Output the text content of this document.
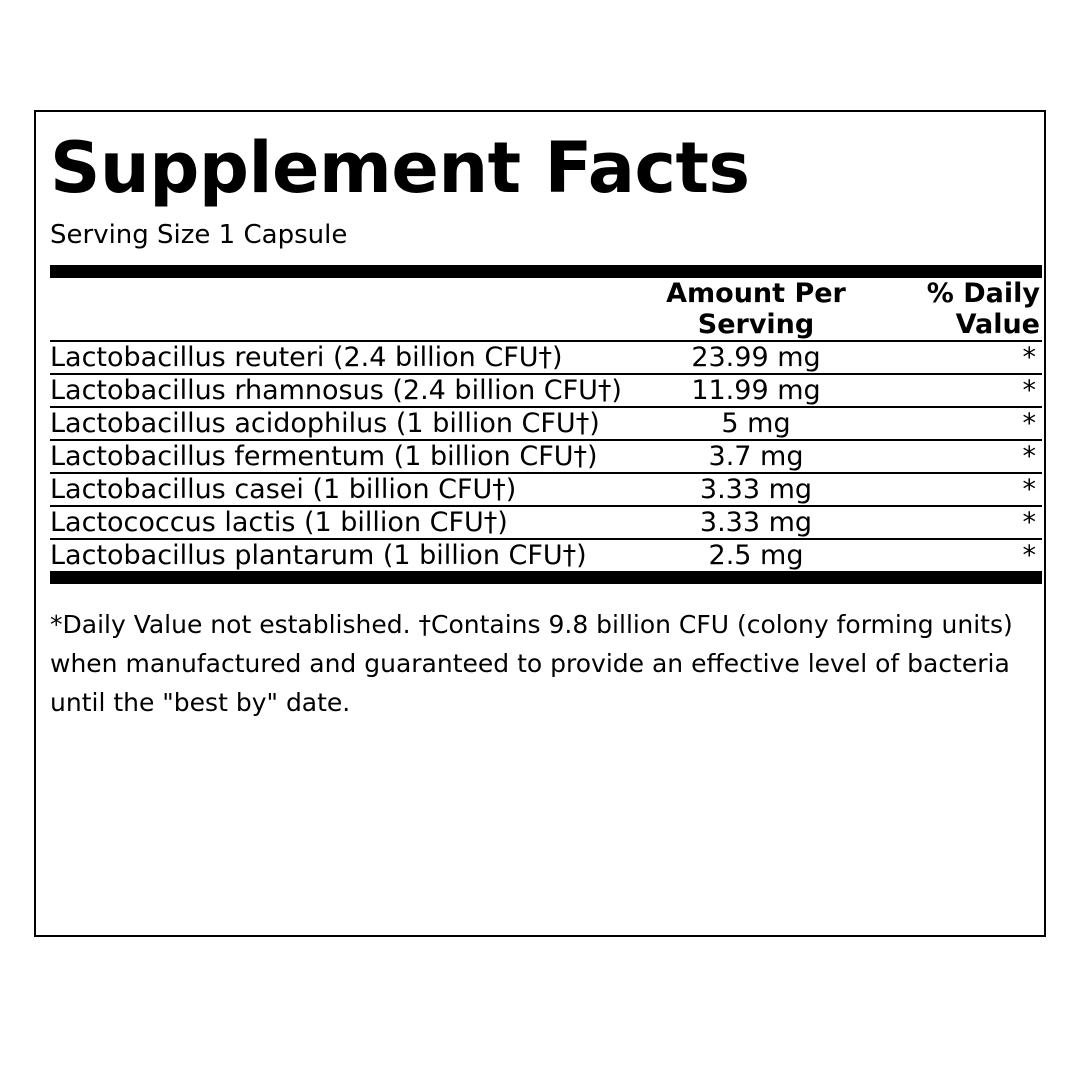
Supplement Facts
Serving Size 1 Capsule
	Amount Per Serving	% Daily Value

Lactobacillus reuteri (2.4 billion CFU†)	23.99 mg	*

Lactobacillus rhamnosus (2.4 billion CFU†)	11.99 mg	*

Lactobacillus acidophilus (1 billion CFU†)	5 mg	*

Lactobacillus fermentum (1 billion CFU†)	3.7 mg	*

Lactobacillus casei (1 billion CFU†)	3.33 mg	*

Lactococcus lactis (1 billion CFU†)	3.33 mg	*

Lactobacillus plantarum (1 billion CFU†)	2.5 mg	*
*Daily Value not established. †Contains 9.8 billion CFU (colony forming units) when manufactured and guaranteed to provide an effective level of bacteria until the "best by" date.
